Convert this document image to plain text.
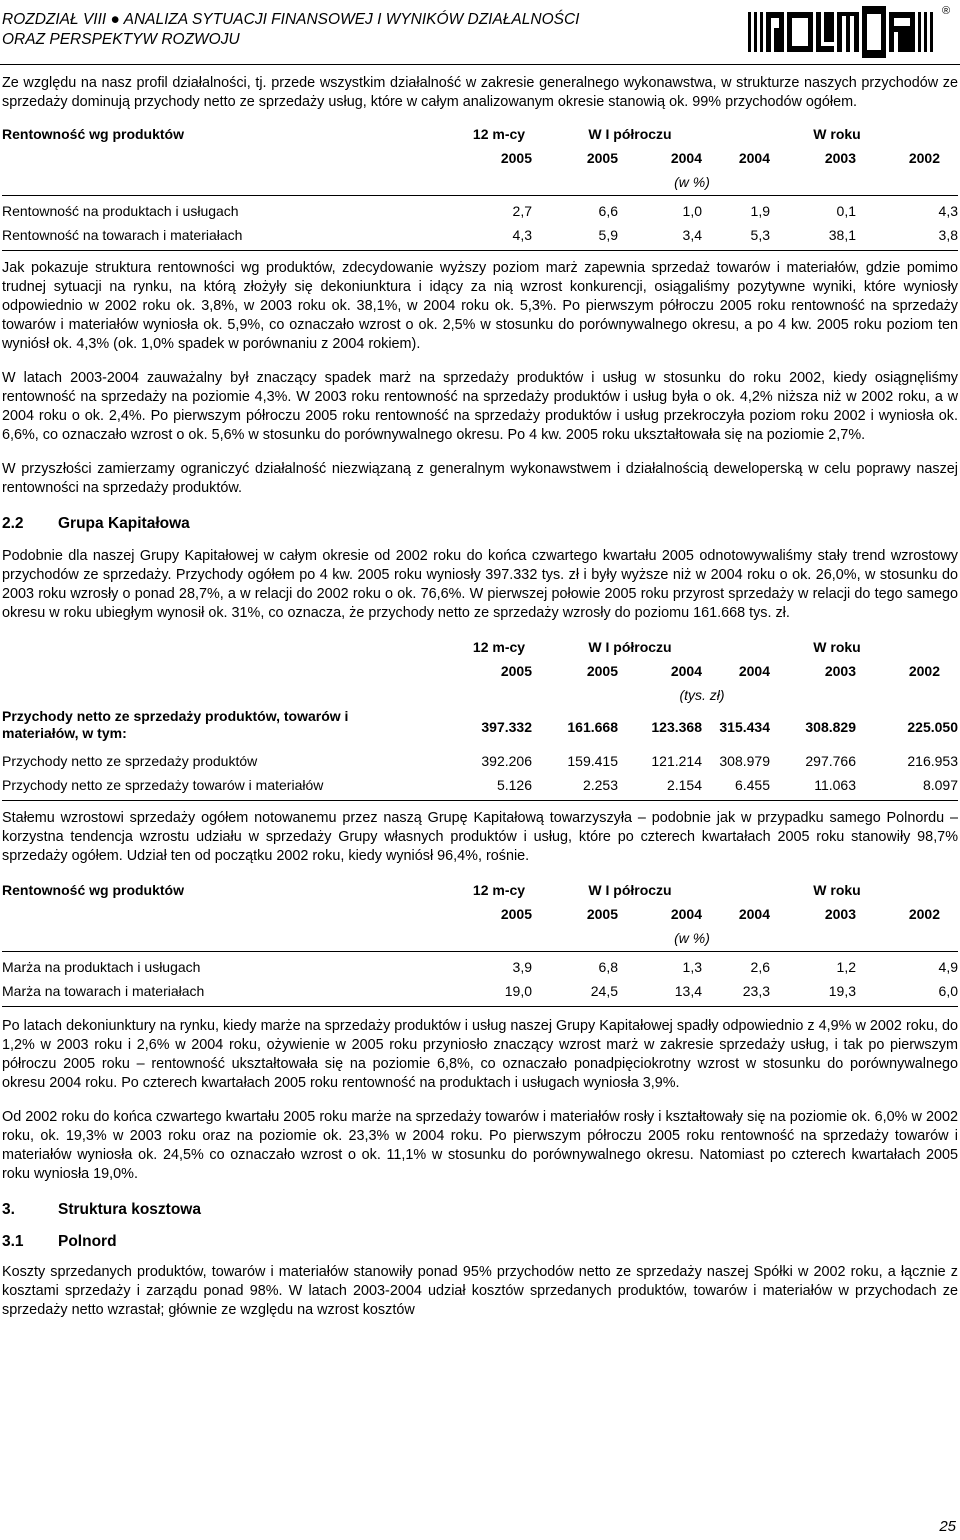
ROZDZIAŁ VIII ● ANALIZA SYTUACJI FINANSOWEJ I WYNIKÓW DZIAŁALNOŚCI
ORAZ PERSPEKTYW ROZWOJU
®

Ze względu na nasz profil działalności, tj. przede wszystkim działalność w zakresie generalnego wykonawstwa, w strukturze naszych przychodów ze sprzedaży dominują przychody netto ze sprzedaży usług, które w całym analizowanym okresie stanowią ok. 99% przychodów ogółem.

Rentowność wg produktów	12 m-cy	W I półroczu	W roku
2005	2005	2004	2004	2003	2002
(w %)
Rentowność na produktach i usługach	2,7	6,6	1,0	1,9	0,1	4,3
Rentowność na towarach i materiałach	4,3	5,9	3,4	5,3	38,1	3,8

Jak pokazuje struktura rentowności wg produktów, zdecydowanie wyższy poziom marż zapewnia sprzedaż towarów i materiałów, gdzie pomimo trudnej sytuacji na rynku, na którą złożyły się dekoniunktura i idący za nią wzrost konkurencji, osiągaliśmy pozytywne wyniki, które wyniosły odpowiednio w 2002 roku ok. 3,8%, w 2003 roku ok. 38,1%, w 2004 roku ok. 5,3%. Po pierwszym półroczu 2005 roku rentowność na sprzedaży towarów i materiałów wyniosła ok. 5,9%, co oznaczało wzrost o ok. 2,5% w stosunku do porównywalnego okresu, a po 4 kw. 2005 roku poziom ten wyniósł ok. 4,3% (ok. 1,0% spadek w porównaniu z 2004 rokiem).

W latach 2003-2004 zauważalny był znaczący spadek marż na sprzedaży produktów i usług w stosunku do roku 2002, kiedy osiągnęliśmy rentowność na sprzedaży na poziomie 4,3%. W 2003 roku rentowność na sprzedaży produktów i usług była o ok. 4,2% niższa niż w 2002 roku, a w 2004 roku o ok. 2,4%. Po pierwszym półroczu 2005 roku rentowność na sprzedaży produktów i usług przekroczyła poziom roku 2002 i wyniosła ok. 6,6%, co oznaczało wzrost o ok. 5,6% w stosunku do porównywalnego okresu. Po 4 kw. 2005 roku ukształtowała się na poziomie 2,7%.

W przyszłości zamierzamy ograniczyć działalność niezwiązaną z generalnym wykonawstwem i działalnością deweloperską w celu poprawy naszej rentowności na sprzedaży produktów.

2.2 Grupa Kapitałowa

Podobnie dla naszej Grupy Kapitałowej w całym okresie od 2002 roku do końca czwartego kwartału 2005 odnotowywaliśmy stały trend wzrostowy przychodów ze sprzedaży. Przychody ogółem po 4 kw. 2005 roku wyniosły 397.332 tys. zł i były wyższe niż w 2004 roku o ok. 26,0%, w stosunku do 2003 roku wzrosły o ponad 28,7%, a w relacji do 2002 roku o ok. 76,6%. W pierwszej połowie 2005 roku przyrost sprzedaży w relacji do tego samego okresu w roku ubiegłym wynosił ok. 31%, co oznacza, że przychody netto ze sprzedaży wzrosły do poziomu 161.668 tys. zł.

12 m-cy	W I półroczu	W roku
2005	2005	2004	2004	2003	2002
(tys. zł)
Przychody netto ze sprzedaży produktów, towarów i materiałów, w tym:	397.332	161.668	123.368	315.434	308.829	225.050
Przychody netto ze sprzedaży produktów	392.206	159.415	121.214	308.979	297.766	216.953
Przychody netto ze sprzedaży towarów i materiałów	5.126	2.253	2.154	6.455	11.063	8.097

Stałemu wzrostowi sprzedaży ogółem notowanemu przez naszą Grupę Kapitałową towarzyszyła – podobnie jak w przypadku samego Polnordu – korzystna tendencja wzrostu udziału w sprzedaży Grupy własnych produktów i usług, które po czterech kwartałach 2005 roku stanowiły 98,7% sprzedaży ogółem. Udział ten od początku 2002 roku, kiedy wyniósł 96,4%, rośnie.

Rentowność wg produktów	12 m-cy	W I półroczu	W roku
2005	2005	2004	2004	2003	2002
(w %)
Marża na produktach i usługach	3,9	6,8	1,3	2,6	1,2	4,9
Marża na towarach i materiałach	19,0	24,5	13,4	23,3	19,3	6,0

Po latach dekoniunktury na rynku, kiedy marże na sprzedaży produktów i usług naszej Grupy Kapitałowej spadły odpowiednio z 4,9% w 2002 roku, do 1,2% w 2003 roku i 2,6% w 2004 roku, ożywienie w 2005 roku przyniosło znaczący wzrost marż w zakresie sprzedaży usług, i tak po pierwszym półroczu 2005 roku – rentowność ukształtowała się na poziomie 6,8%, co oznaczało ponadpięciokrotny wzrost w stosunku do porównywalnego okresu 2004 roku. Po czterech kwartałach 2005 roku rentowność na produktach i usługach wyniosła 3,9%.

Od 2002 roku do końca czwartego kwartału 2005 roku marże na sprzedaży towarów i materiałów rosły i kształtowały się na poziomie ok. 6,0% w 2002 roku, ok. 19,3% w 2003 roku oraz na poziomie ok. 23,3% w 2004 roku. Po pierwszym półroczu 2005 roku rentowność na sprzedaży towarów i materiałów wyniosła ok. 24,5% co oznaczało wzrost o ok. 11,1% w stosunku do porównywalnego okresu. Natomiast po czterech kwartałach 2005 roku wyniosła 19,0%.

3.	Struktura kosztowa
3.1 Polnord

Koszty sprzedanych produktów, towarów i materiałów stanowiły ponad 95% przychodów netto ze sprzedaży naszej Spółki w 2002 roku, a łącznie z kosztami sprzedaży i zarządu ponad 98%. W latach 2003-2004 udział kosztów sprzedanych produktów, towarów i materiałów w przychodach ze sprzedaży netto wzrastał; głównie ze względu na wzrost kosztów

25
